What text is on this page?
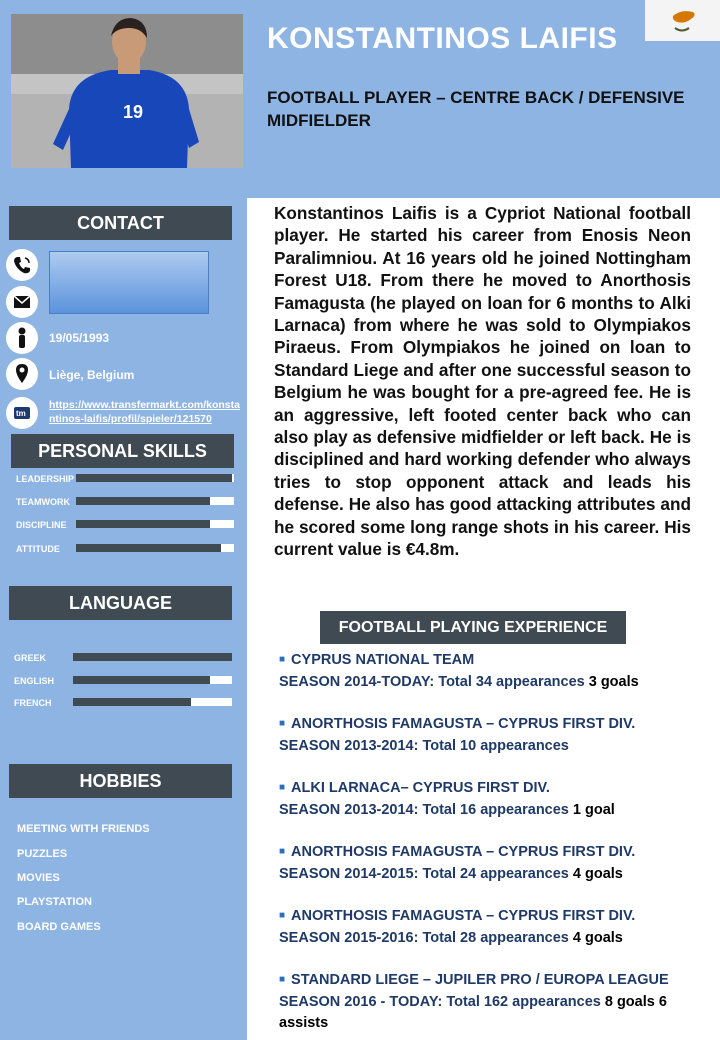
19
KONSTANTINOS LAIFIS
FOOTBALL PLAYER – CENTRE BACK / DEFENSIVE MIDFIELDER
CONTACT
19/05/1993
Liège, Belgium
tm
https://www.transfermarkt.com/konstantinos-laifis/profil/spieler/121570
PERSONAL SKILLS
LEADERSHIP
TEAMWORK
DISCIPLINE
ATTITUDE
LANGUAGE
GREEK
ENGLISH
FRENCH
HOBBIES
MEETING WITH FRIENDS
PUZZLES
MOVIES
PLAYSTATION
BOARD GAMES
Konstantinos Laifis is a Cypriot National football player. He started his career from Enosis Neon Paralimniou. At 16 years old he joined Nottingham Forest U18. From there he moved to Anorthosis Famagusta (he played on loan for 6 months to Alki Larnaca) from where he was sold to Olympiakos Piraeus. From Olympiakos he joined on loan to Standard Liege and after one successful season to Belgium he was bought for a pre-agreed fee. He is an aggressive, left footed center back who can also play as defensive midfielder or left back. He is disciplined and hard working defender who always tries to stop opponent attack and leads his defense. He also has good attacking attributes and he scored some long range shots in his career. His current value is €4.8m.
FOOTBALL PLAYING EXPERIENCE
■ CYPRUS NATIONAL TEAM
SEASON 2014-TODAY: Total 34 appearances 3 goals
■ ANORTHOSIS FAMAGUSTA – CYPRUS FIRST DIV.
SEASON 2013-2014: Total 10 appearances
■ ALKI LARNACA– CYPRUS FIRST DIV.
SEASON 2013-2014: Total 16 appearances 1 goal
■ ANORTHOSIS FAMAGUSTA – CYPRUS FIRST DIV.
SEASON 2014-2015: Total 24 appearances 4 goals
■ ANORTHOSIS FAMAGUSTA – CYPRUS FIRST DIV.
SEASON 2015-2016: Total 28 appearances 4 goals
■ STANDARD LIEGE – JUPILER PRO / EUROPA LEAGUE
SEASON 2016 - TODAY: Total 162 appearances 8 goals 6 assists
